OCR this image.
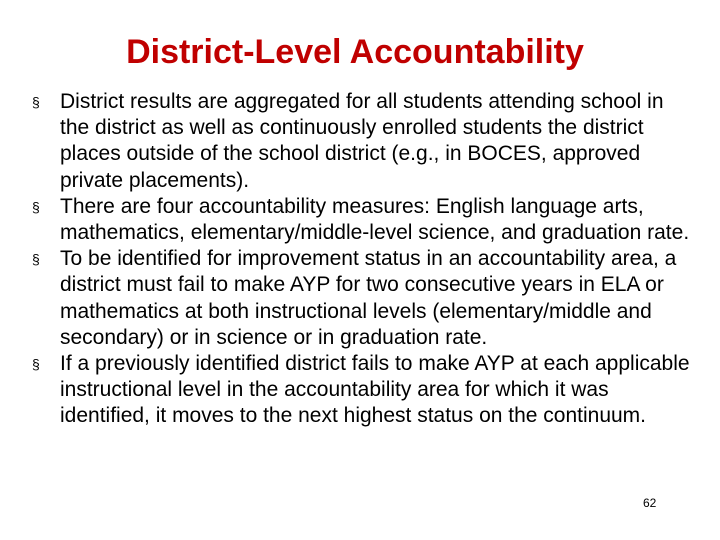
District-Level Accountability
§ District results are aggregated for all students attending school in the district as well as continuously enrolled students the district places outside of the school district (e.g., in BOCES, approved private placements).
§ There are four accountability measures: English language arts, mathematics, elementary/middle-level science, and graduation rate.
§ To be identified for improvement status in an accountability area, a district must fail to make AYP for two consecutive years in ELA or mathematics at both instructional levels (elementary/middle and secondary) or in science or in graduation rate.
§ If a previously identified district fails to make AYP at each applicable instructional level in the accountability area for which it was identified, it moves to the next highest status on the continuum.
62
